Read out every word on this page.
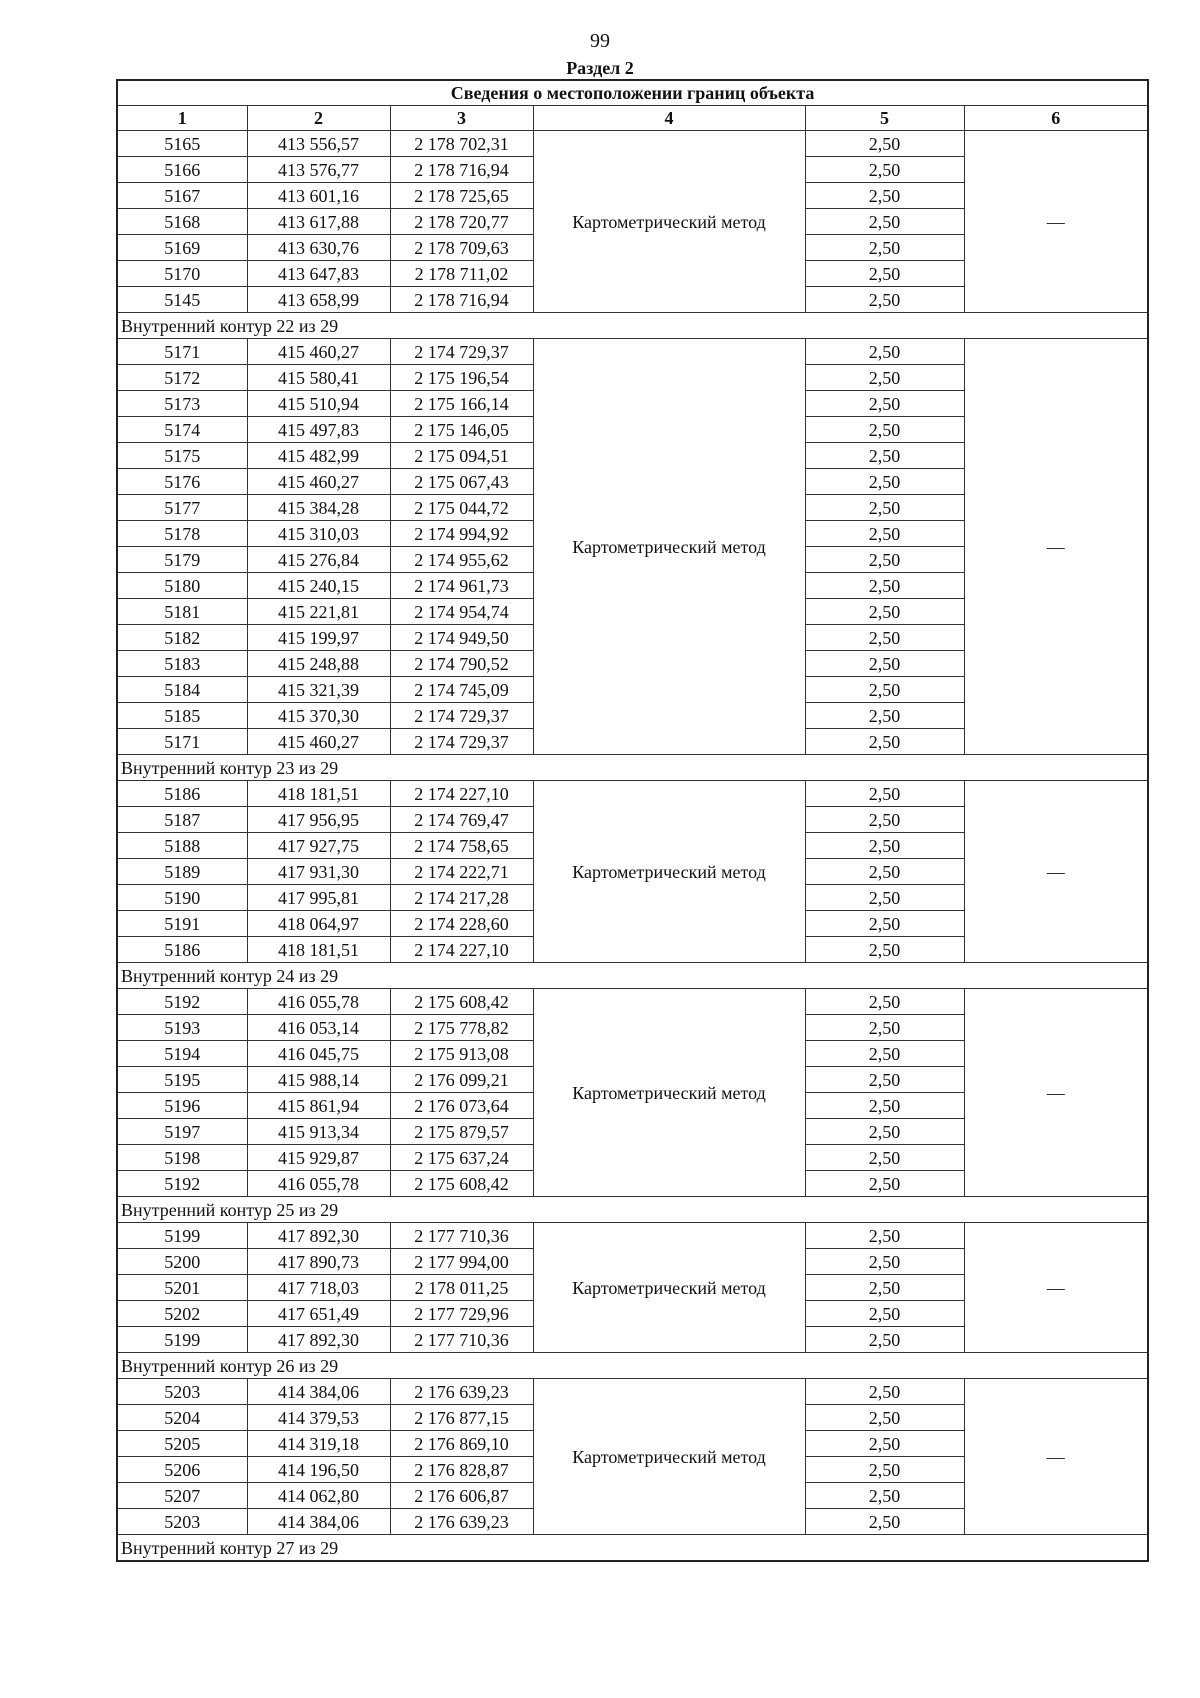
99
Раздел 2
Сведения о местоположении границ объекта					
1	2	3	4	5	6
5165	413 556,57	2 178 702,31	Картометрический метод	2,50	—
5166	413 576,77	2 178 716,94		2,50	
5167	413 601,16	2 178 725,65		2,50	
5168	413 617,88	2 178 720,77		2,50	
5169	413 630,76	2 178 709,63		2,50	
5170	413 647,83	2 178 711,02		2,50	
5145	413 658,99	2 178 716,94		2,50	
Внутренний контур 22 из 29					
5171	415 460,27	2 174 729,37	Картометрический метод	2,50	—
5172	415 580,41	2 175 196,54		2,50	
5173	415 510,94	2 175 166,14		2,50	
5174	415 497,83	2 175 146,05		2,50	
5175	415 482,99	2 175 094,51		2,50	
5176	415 460,27	2 175 067,43		2,50	
5177	415 384,28	2 175 044,72		2,50	
5178	415 310,03	2 174 994,92		2,50	
5179	415 276,84	2 174 955,62		2,50	
5180	415 240,15	2 174 961,73		2,50	
5181	415 221,81	2 174 954,74		2,50	
5182	415 199,97	2 174 949,50		2,50	
5183	415 248,88	2 174 790,52		2,50	
5184	415 321,39	2 174 745,09		2,50	
5185	415 370,30	2 174 729,37		2,50	
5171	415 460,27	2 174 729,37		2,50	
Внутренний контур 23 из 29					
5186	418 181,51	2 174 227,10	Картометрический метод	2,50	—
5187	417 956,95	2 174 769,47		2,50	
5188	417 927,75	2 174 758,65		2,50	
5189	417 931,30	2 174 222,71		2,50	
5190	417 995,81	2 174 217,28		2,50	
5191	418 064,97	2 174 228,60		2,50	
5186	418 181,51	2 174 227,10		2,50	
Внутренний контур 24 из 29					
5192	416 055,78	2 175 608,42	Картометрический метод	2,50	—
5193	416 053,14	2 175 778,82		2,50	
5194	416 045,75	2 175 913,08		2,50	
5195	415 988,14	2 176 099,21		2,50	
5196	415 861,94	2 176 073,64		2,50	
5197	415 913,34	2 175 879,57		2,50	
5198	415 929,87	2 175 637,24		2,50	
5192	416 055,78	2 175 608,42		2,50	
Внутренний контур 25 из 29					
5199	417 892,30	2 177 710,36	Картометрический метод	2,50	—
5200	417 890,73	2 177 994,00		2,50	
5201	417 718,03	2 178 011,25		2,50	
5202	417 651,49	2 177 729,96		2,50	
5199	417 892,30	2 177 710,36		2,50	
Внутренний контур 26 из 29					
5203	414 384,06	2 176 639,23	Картометрический метод	2,50	—
5204	414 379,53	2 176 877,15		2,50	
5205	414 319,18	2 176 869,10		2,50	
5206	414 196,50	2 176 828,87		2,50	
5207	414 062,80	2 176 606,87		2,50	
5203	414 384,06	2 176 639,23		2,50	
Внутренний контур 27 из 29					
